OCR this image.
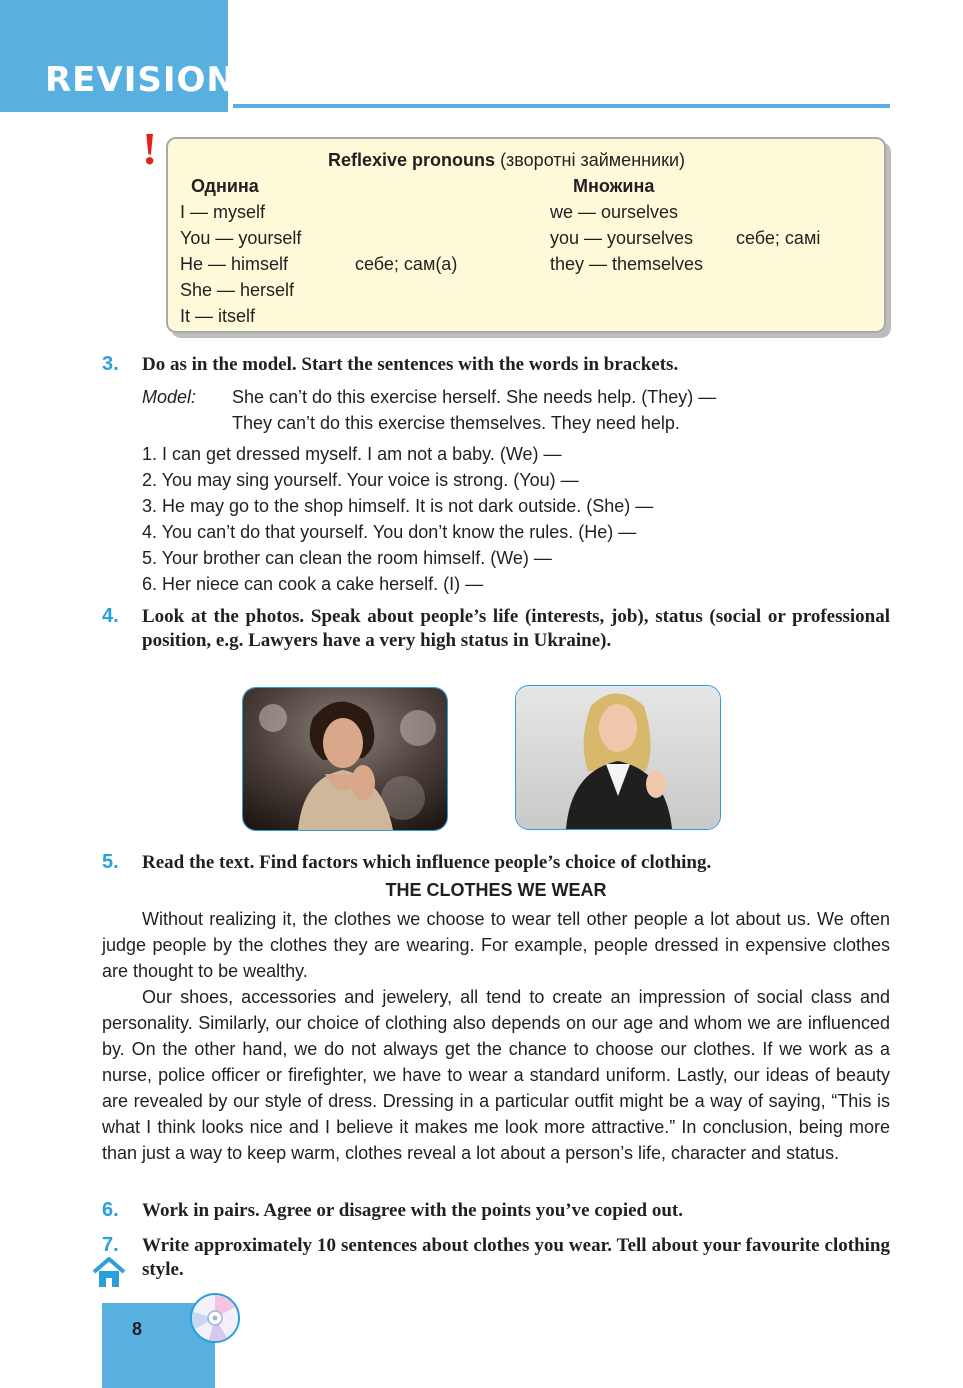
REVISION
!	Reflexive pronouns (зворотні займенники)
Однина	Множина
I — myself
You — yourself
He — himself
She — herself
It — itself
себе; сам(а)
we — ourselves
you — yourselves
they — themselves
себе; самі
3. Do as in the model. Start the sentences with the words in brackets.
Model: She can’t do this exercise herself. She needs help. (They) —
They can’t do this exercise themselves. They need help.
1. I can get dressed myself. I am not a baby. (We) —
2. You may sing yourself. Your voice is strong. (You) —
3. He may go to the shop himself. It is not dark outside. (She) —
4. You can’t do that yourself. You don’t know the rules. (He) —
5. Your brother can clean the room himself. (We) —
6. Her niece can cook a cake herself. (I) —
4. Look at the photos. Speak about people’s life (interests, job), status (social or professional position, e.g. Lawyers have a very high status in Ukraine).
5. Read the text. Find factors which influence people’s choice of clothing.
THE CLOTHES WE WEAR
Without realizing it, the clothes we choose to wear tell other people a lot about us. We often judge people by the clothes they are wearing. For example, people dressed in expensive clothes are thought to be wealthy.
Our shoes, accessories and jewelery, all tend to create an impression of social class and personality. Similarly, our choice of clothing also depends on our age and whom we are influenced by. On the other hand, we do not always get the chance to choose our clothes. If we work as a nurse, police officer or firefighter, we have to wear a standard uniform. Lastly, our ideas of beauty are revealed by our style of dress. Dressing in a particular outfit might be a way of saying, “This is what I think looks nice and I believe it makes me look more attractive.” In conclusion, being more than just a way to keep warm, clothes reveal a lot about a person’s life, character and status.
6. Work in pairs. Agree or disagree with the points you’ve copied out.
7. Write approximately 10 sentences about clothes you wear. Tell about your favourite clothing style.
8
